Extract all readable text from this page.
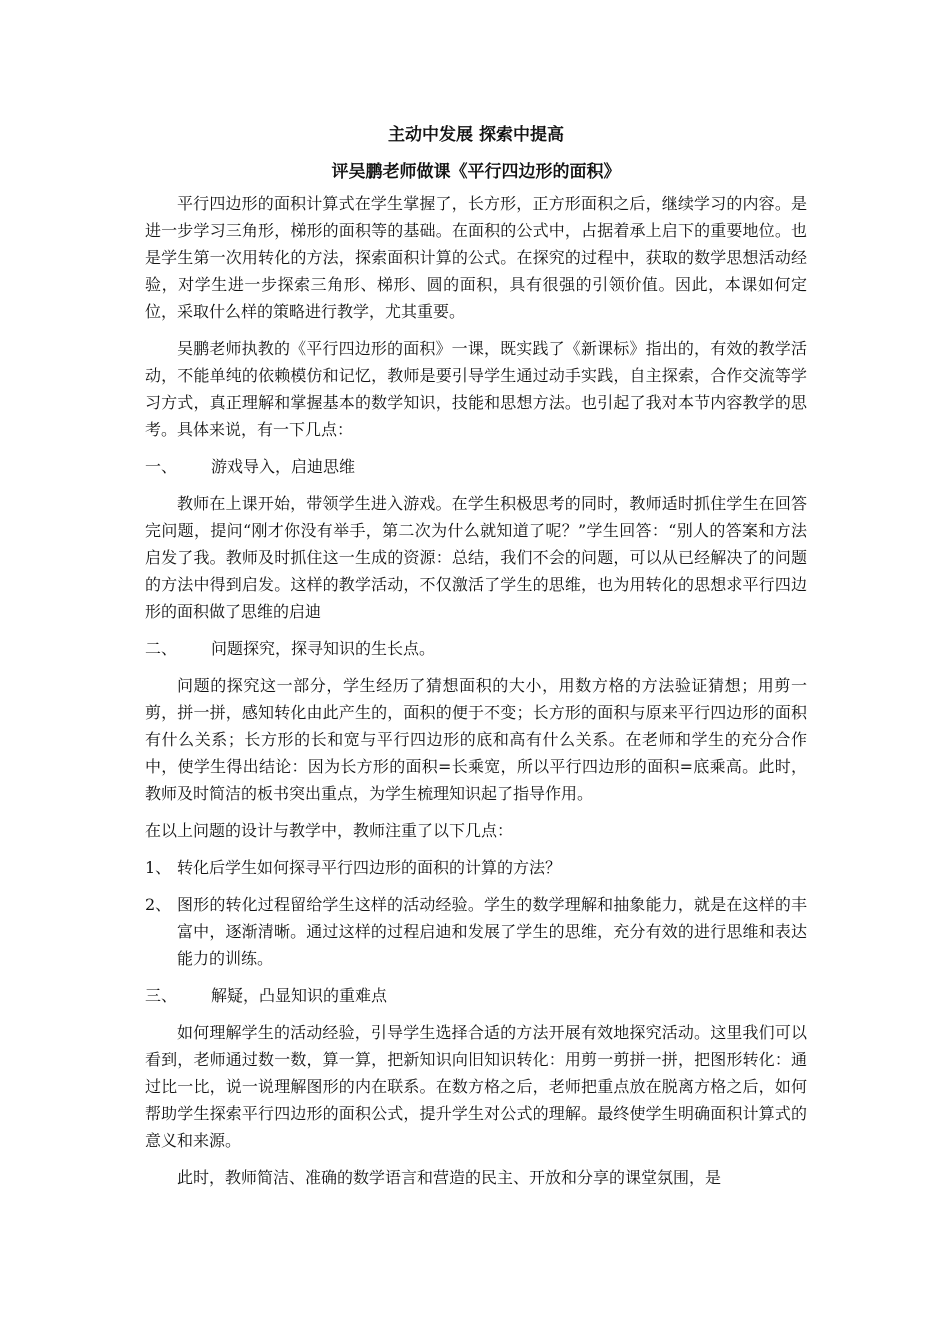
主动中发展 探索中提高
评吴鹏老师做课《平行四边形的面积》
平行四边形的面积计算式在学生掌握了，长方形，正方形面积之后，继续学习的内容。是进一步学习三角形，梯形的面积等的基础。在面积的公式中，占据着承上启下的重要地位。也是学生第一次用转化的方法，探索面积计算的公式。在探究的过程中，获取的数学思想活动经验，对学生进一步探索三角形、梯形、圆的面积，具有很强的引领价值。因此，本课如何定位，采取什么样的策略进行教学，尤其重要。
吴鹏老师执教的《平行四边形的面积》一课，既实践了《新课标》指出的，有效的教学活动，不能单纯的依赖模仿和记忆，教师是要引导学生通过动手实践，自主探索，合作交流等学习方式，真正理解和掌握基本的数学知识，技能和思想方法。也引起了我对本节内容教学的思考。具体来说，有一下几点：
一、	游戏导入，启迪思维
教师在上课开始，带领学生进入游戏。在学生积极思考的同时，教师适时抓住学生在回答完问题，提问“刚才你没有举手，第二次为什么就知道了呢？”学生回答：“别人的答案和方法启发了我。教师及时抓住这一生成的资源：总结，我们不会的问题，可以从已经解决了的问题的方法中得到启发。这样的教学活动，不仅激活了学生的思维，也为用转化的思想求平行四边形的面积做了思维的启迪
二、	问题探究，探寻知识的生长点。
问题的探究这一部分，学生经历了猜想面积的大小，用数方格的方法验证猜想；用剪一剪，拼一拼，感知转化由此产生的，面积的便于不变；长方形的面积与原来平行四边形的面积有什么关系；长方形的长和宽与平行四边形的底和高有什么关系。在老师和学生的充分合作中，使学生得出结论：因为长方形的面积=长乘宽，所以平行四边形的面积=底乘高。此时，教师及时简洁的板书突出重点，为学生梳理知识起了指导作用。
在以上问题的设计与教学中，教师注重了以下几点：
1、 转化后学生如何探寻平行四边形的面积的计算的方法？
2、 图形的转化过程留给学生这样的活动经验。学生的数学理解和抽象能力，就是在这样的丰富中，逐渐清晰。通过这样的过程启迪和发展了学生的思维，充分有效的进行思维和表达能力的训练。
三、	解疑，凸显知识的重难点
如何理解学生的活动经验，引导学生选择合适的方法开展有效地探究活动。这里我们可以看到，老师通过数一数，算一算，把新知识向旧知识转化：用剪一剪拼一拼，把图形转化：通过比一比，说一说理解图形的内在联系。在数方格之后，老师把重点放在脱离方格之后，如何帮助学生探索平行四边形的面积公式，提升学生对公式的理解。最终使学生明确面积计算式的意义和来源。
此时，教师简洁、准确的数学语言和营造的民主、开放和分享的课堂氛围，是
